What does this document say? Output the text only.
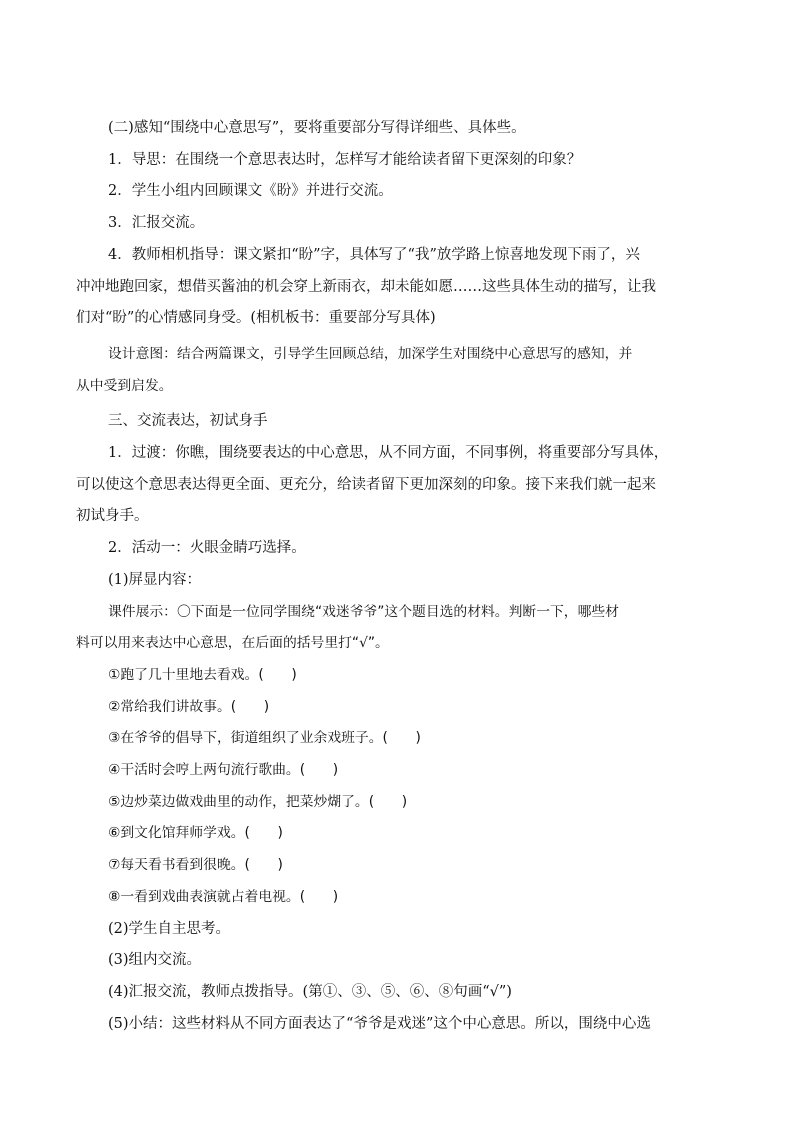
(二)感知“围绕中心意思写”，要将重要部分写得详细些、具体些。

1．导思：在围绕一个意思表达时，怎样写才能给读者留下更深刻的印象？

2．学生小组内回顾课文《盼》并进行交流。

3．汇报交流。

4．教师相机指导：课文紧扣“盼”字，具体写了“我”放学路上惊喜地发现下雨了，兴

冲冲地跑回家，想借买酱油的机会穿上新雨衣，却未能如愿……这些具体生动的描写，让我

们对“盼”的心情感同身受。(相机板书：重要部分写具体)

设计意图：结合两篇课文，引导学生回顾总结，加深学生对围绕中心意思写的感知，并

从中受到启发。

三、交流表达，初试身手

1．过渡：你瞧，围绕要表达的中心意思，从不同方面，不同事例，将重要部分写具体，

可以使这个意思表达得更全面、更充分，给读者留下更加深刻的印象。接下来我们就一起来

初试身手。

2．活动一：火眼金睛巧选择。

(1)屏显内容：

课件展示：〇下面是一位同学围绕“戏迷爷爷”这个题目选的材料。判断一下，哪些材

料可以用来表达中心意思，在后面的括号里打“√”。

①跑了几十里地去看戏。(　　)

②常给我们讲故事。(　　)

③在爷爷的倡导下，街道组织了业余戏班子。(　　)

④干活时会哼上两句流行歌曲。(　　)

⑤边炒菜边做戏曲里的动作，把菜炒煳了。(　　)

⑥到文化馆拜师学戏。(　　)

⑦每天看书看到很晚。(　　)

⑧一看到戏曲表演就占着电视。(　　)

(2)学生自主思考。

(3)组内交流。

(4)汇报交流，教师点拨指导。(第①、③、⑤、⑥、⑧句画“√”)

(5)小结：这些材料从不同方面表达了“爷爷是戏迷”这个中心意思。所以，围绕中心选
